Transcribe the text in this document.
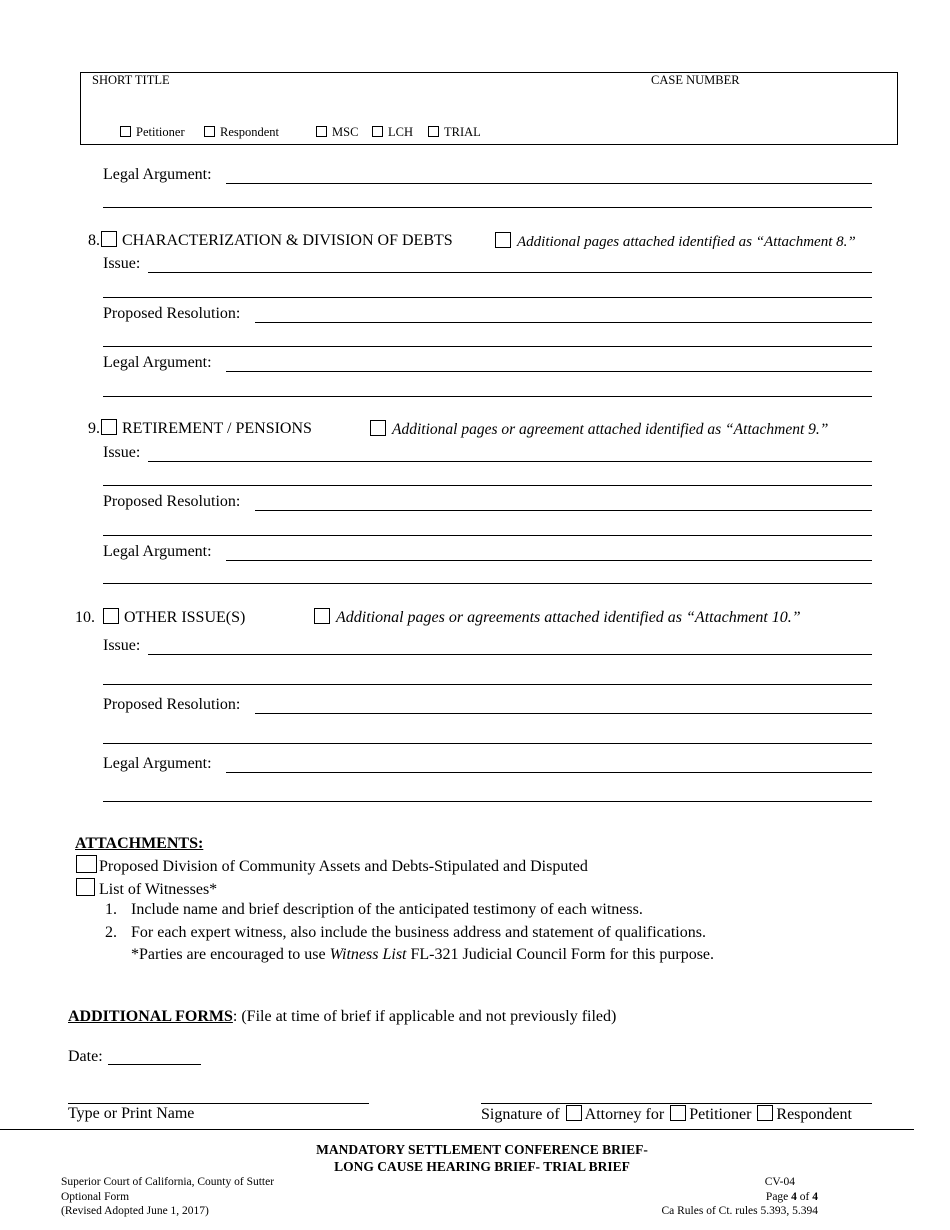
SHORT TITLE	CASE NUMBER
Petitioner	Respondent	MSC	LCH	TRIAL
Legal Argument:
8. CHARACTERIZATION & DIVISION OF DEBTS	Additional pages attached identified as “Attachment 8.”
Issue:
Proposed Resolution:
Legal Argument:
9. RETIREMENT / PENSIONS	Additional pages or agreement attached identified as “Attachment 9.”
Issue:
Proposed Resolution:
Legal Argument:
10. OTHER ISSUE(S)	Additional pages or agreements attached identified as “Attachment 10.”
Issue:
Proposed Resolution:
Legal Argument:
ATTACHMENTS:
Proposed Division of Community Assets and Debts-Stipulated and Disputed
List of Witnesses*
1. Include name and brief description of the anticipated testimony of each witness.
2. For each expert witness, also include the business address and statement of qualifications.
*Parties are encouraged to use Witness List FL-321 Judicial Council Form for this purpose.
ADDITIONAL FORMS: (File at time of brief if applicable and not previously filed)
Date:
Type or Print Name	Signature of Attorney for Petitioner Respondent
MANDATORY SETTLEMENT CONFERENCE BRIEF-
LONG CAUSE HEARING BRIEF- TRIAL BRIEF
Superior Court of California, County of Sutter
Optional Form
(Revised Adopted June 1, 2017)
CV-04
Page 4 of 4
Ca Rules of Ct. rules 5.393, 5.394
